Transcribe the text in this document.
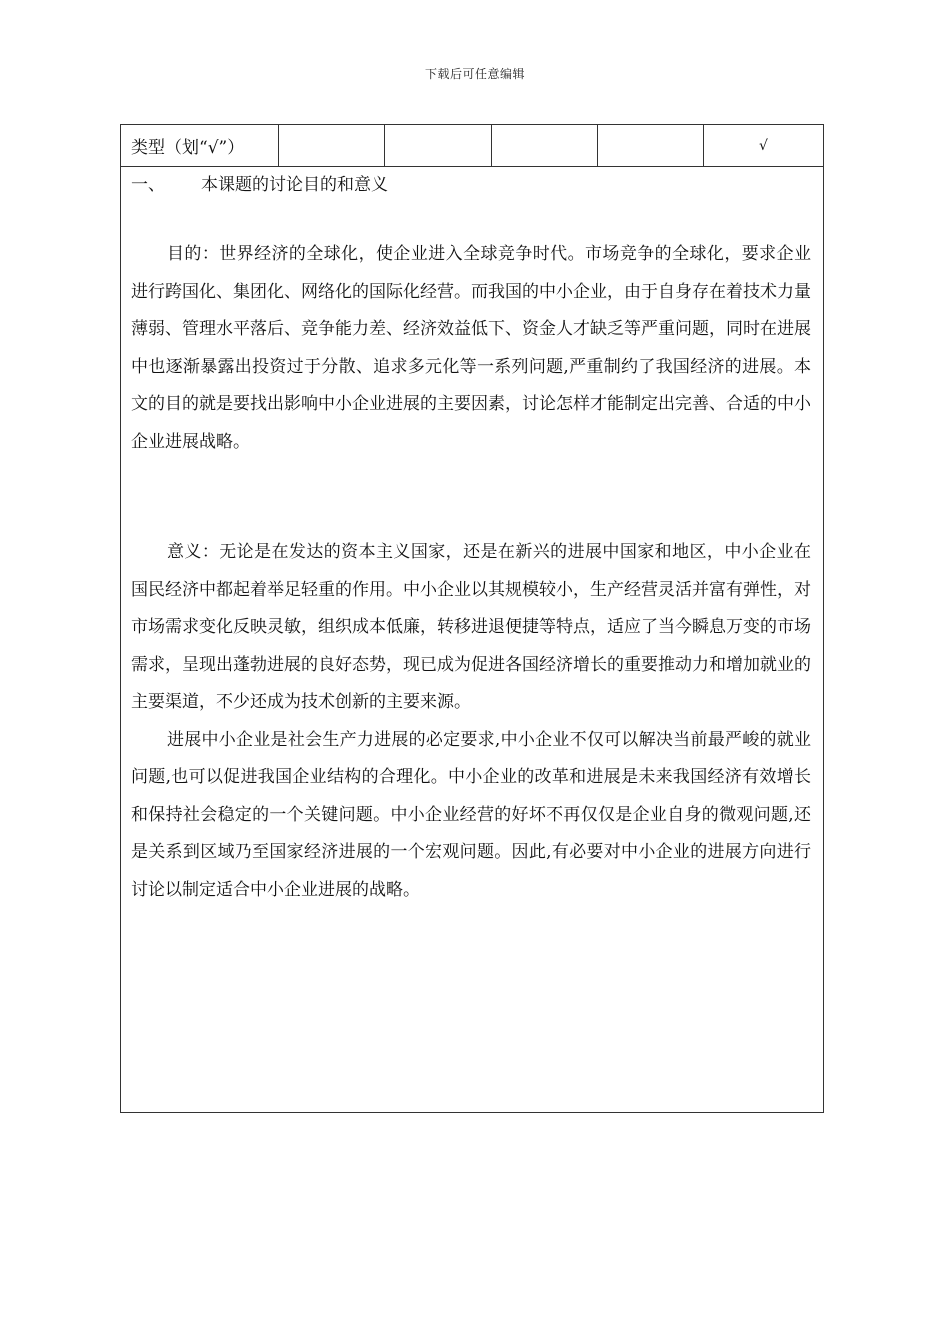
下载后可任意编辑
类型（划“√”）					√

一、 本课题的讨论目的和意义

目的：世界经济的全球化，使企业进入全球竞争时代。市场竞争的全球化，要求企业进行跨国化、集团化、网络化的国际化经营。而我国的中小企业，由于自身存在着技术力量薄弱、管理水平落后、竞争能力差、经济效益低下、资金人才缺乏等严重问题，同时在进展中也逐渐暴露出投资过于分散、追求多元化等一系列问题,严重制约了我国经济的进展。本文的目的就是要找出影响中小企业进展的主要因素，讨论怎样才能制定出完善、合适的中小企业进展战略。

意义：无论是在发达的资本主义国家，还是在新兴的进展中国家和地区，中小企业在国民经济中都起着举足轻重的作用。中小企业以其规模较小，生产经营灵活并富有弹性，对市场需求变化反映灵敏，组织成本低廉，转移进退便捷等特点，适应了当今瞬息万变的市场需求，呈现出蓬勃进展的良好态势，现已成为促进各国经济增长的重要推动力和增加就业的主要渠道，不少还成为技术创新的主要来源。

进展中小企业是社会生产力进展的必定要求,中小企业不仅可以解决当前最严峻的就业问题,也可以促进我国企业结构的合理化。中小企业的改革和进展是未来我国经济有效增长和保持社会稳定的一个关键问题。中小企业经营的好坏不再仅仅是企业自身的微观问题,还是关系到区域乃至国家经济进展的一个宏观问题。因此,有必要对中小企业的进展方向进行讨论以制定适合中小企业进展的战略。
